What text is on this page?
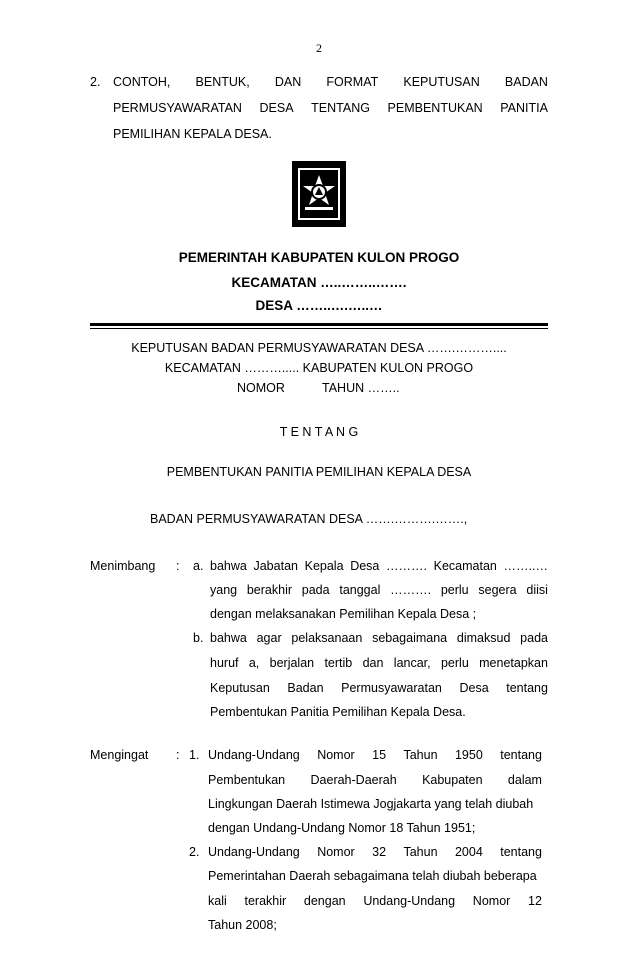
2
2. CONTOH, BENTUK, DAN FORMAT KEPUTUSAN BADAN
PERMUSYAWARATAN DESA TENTANG PEMBENTUKAN PANITIA
PEMILIHAN KEPALA DESA.
PEMERINTAH KABUPATEN KULON PROGO
KECAMATAN …..……..…….
DESA ……..….…..…
KEPUTUSAN BADAN PERMUSYAWARATAN DESA …….………....
KECAMATAN ………..... KABUPATEN KULON PROGO
NOMOR	TAHUN ……..
T E N T A N G
PEMBENTUKAN PANITIA PEMILIHAN KEPALA DESA
BADAN PERMUSYAWARATAN DESA …….……….…….,
Menimbang : a. bahwa Jabatan Kepala Desa ………. Kecamatan ……..…
yang berakhir pada tanggal ………. perlu segera diisi
dengan melaksanakan Pemilihan Kepala Desa ;
b. bahwa agar pelaksanaan sebagaimana dimaksud pada
huruf a, berjalan tertib dan lancar, perlu menetapkan
Keputusan Badan Permusyawaratan Desa tentang
Pembentukan Panitia Pemilihan Kepala Desa.
Mengingat : 1. Undang-Undang Nomor 15 Tahun 1950 tentang
Pembentukan Daerah-Daerah Kabupaten dalam
Lingkungan Daerah Istimewa Jogjakarta yang telah diubah
dengan Undang-Undang Nomor 18 Tahun 1951;
2. Undang-Undang Nomor 32 Tahun 2004 tentang
Pemerintahan Daerah sebagaimana telah diubah beberapa
kali terakhir dengan Undang-Undang Nomor 12
Tahun 2008;
